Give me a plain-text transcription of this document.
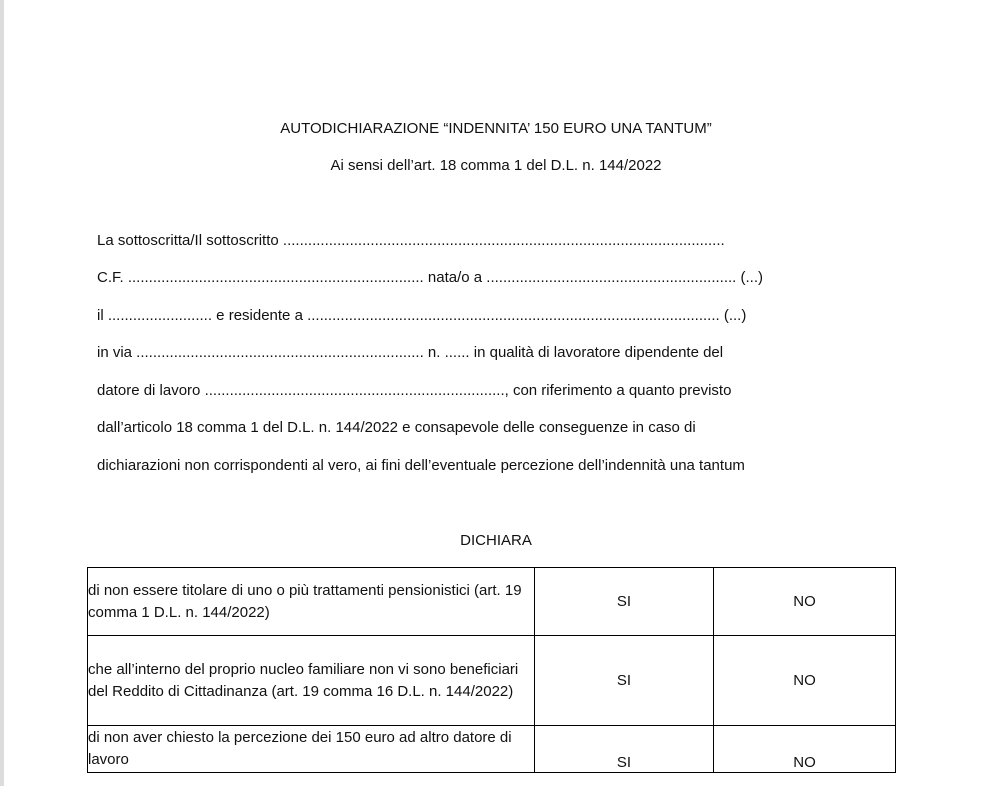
AUTODICHIARAZIONE “INDENNITA’ 150 EURO UNA TANTUM”
Ai sensi dell’art. 18 comma 1 del D.L. n. 144/2022
La sottoscritta/Il sottoscritto ..........................................................................................................
C.F. ....................................................................... nata/o a ............................................................ (...)
il ......................... e residente a ................................................................................................... (...)
in via ..................................................................... n. ...... in qualità di lavoratore dipendente del
datore di lavoro ........................................................................, con riferimento a quanto previsto
dall’articolo 18 comma 1 del D.L. n. 144/2022 e consapevole delle conseguenze in caso di
dichiarazioni non corrispondenti al vero, ai fini dell’eventuale percezione dell’indennità una tantum
DICHIARA
di non essere titolare di uno o più trattamenti pensionistici (art. 19 comma 1 D.L. n. 144/2022)	SI	NO
che all’interno del proprio nucleo familiare non vi sono beneficiari del Reddito di Cittadinanza (art. 19 comma 16 D.L. n. 144/2022)	SI	NO
di non aver chiesto la percezione dei 150 euro ad altro datore di lavoro	SI	NO
